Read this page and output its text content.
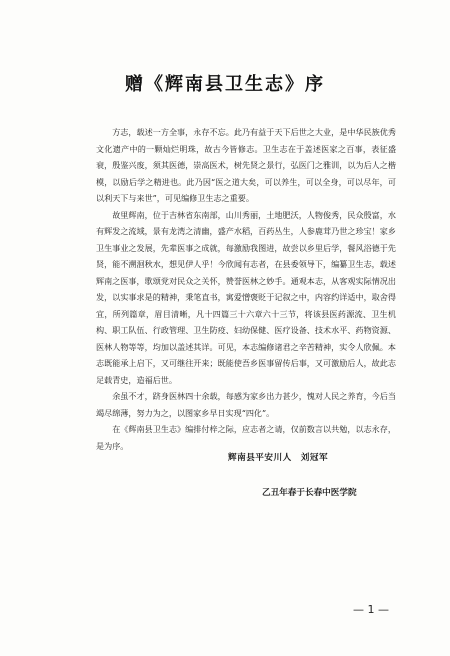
赠《辉南县卫生志》序

方志，载述一方全事，永存不忘。此乃有益于天下后世之大业，是中华民族优秀文化遗产中的一颗灿烂明珠，故古今皆修志。卫生志在于盖述医家之百事，表征盛衰，殷鉴兴废，须其医德，崇高医术，树先贤之景行，弘医门之雅训，以为后人之楷模，以励后学之精进也。此乃因“医之道大矣，可以养生，可以全身，可以尽年，可以利天下与来世”，可见编修卫生志之重要。

故里辉南，位于吉林省东南部，山川秀丽，土地肥沃，人物俊秀，民众殷富，水有辉发之流域，景有龙湾之清幽，盛产水稻，百药丛生，人参鹿茸乃世之珍宝！家乡卫生事业之发展，先辈医事之成就，每激励我图进，故尝以乡里后学，餐风浴德于先贤，能不溯洄秋水，想见伊人乎！今欣闻有志者，在县委领导下，编纂卫生志，载述辉南之医事，歌颂党对民众之关怀，赞誉医林之妙手。通观本志，从客观实际情况出发，以实事求是的精神，秉笔直书，寓爱憎褒贬于记叙之中，内容约详适中，取舍得宜，所列篇章，眉目清晰，凡十四篇三十六章六十三节，将该县医药源流、卫生机构、职工队伍、行政管理、卫生防疫、妇幼保健、医疗设备、技术水平、药物资源、医林人物等等，均加以盖述其详。可见，本志编修诸君之辛苦精神，实令人欣佩。本志既能承上启下，又可继往开来；既能使吾乡医事留传后事，又可激励后人，故此志足载青史，造福后世。

余虽不才，跻身医林四十余载，每感为家乡出力甚少，愧对人民之养育，今后当竭尽绵薄，努力为之，以图家乡早日实现“四化”。

在《辉南县卫生志》编排付梓之际，应志者之请，仅前数言以共勉，以志永存，是为序。

辉南县平安川人　刘冠军
乙丑年春于长春中医学院
— 1 —
